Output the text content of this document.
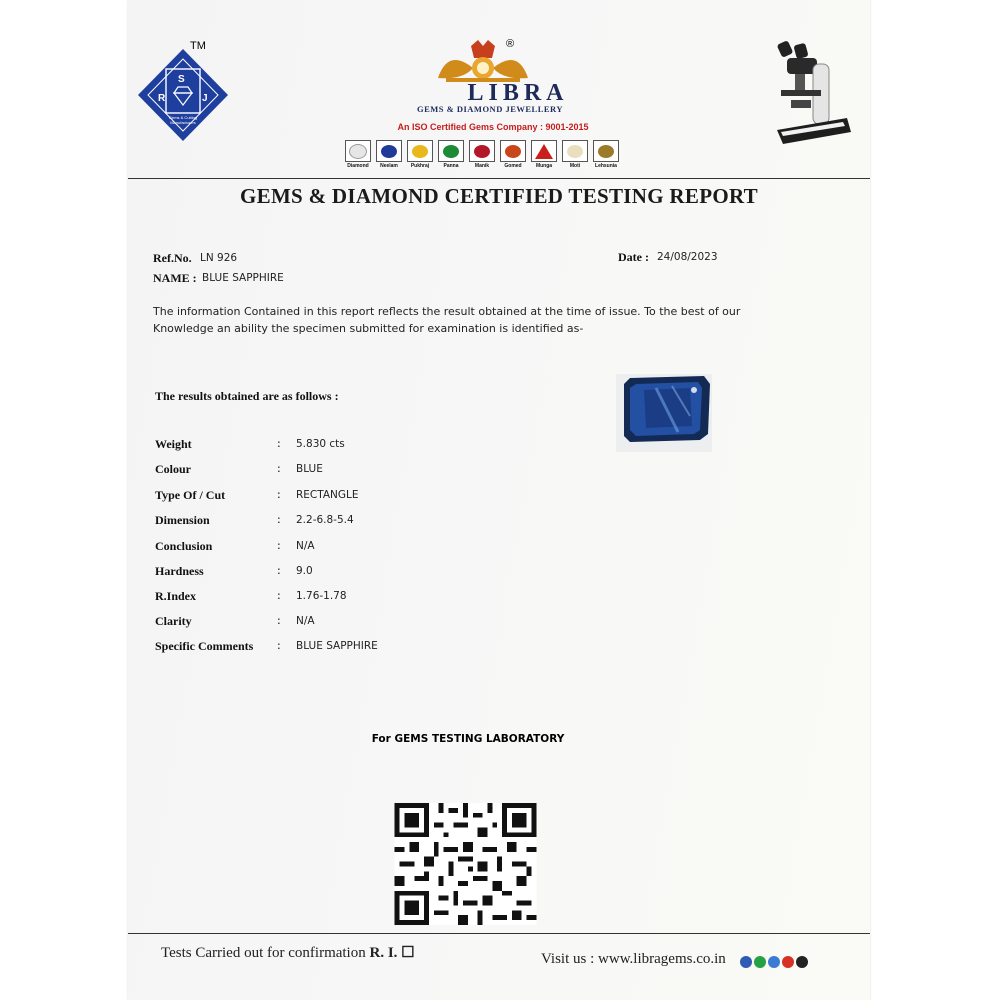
S
R	J
Gems & Cutting
Manufacturers
TM	®
LIBRA
GEMS & DIAMOND JEWELLERY
An ISO Certified Gems Company : 9001-2015
Diamond Neelam	Pukhraj	Panna	Manik	Gomed	Munga	Moti	Lehsunia
GEMS & DIAMOND CERTIFIED TESTING REPORT
Ref.No. LN 926
NAME : BLUE SAPPHIRE
Date : 24/08/2023
The information Contained in this report reflects the result obtained at the time of issue. To the best of our Knowledge an ability the specimen submitted for examination is identified as-
The results obtained are as follows :
Weight	: 5.830 cts
Colour	: BLUE
Type Of / Cut	: RECTANGLE
Dimension	: 2.2-6.8-5.4
Conclusion	: N/A
Hardness	: 9.0
R.Index	: 1.76-1.78
Clarity	: N/A
Specific Comments	: BLUE SAPPHIRE
For GEMS TESTING LABORATORY
Tests Carried out for confirmation R. I. ☐	Visit us : www.libragems.co.in
